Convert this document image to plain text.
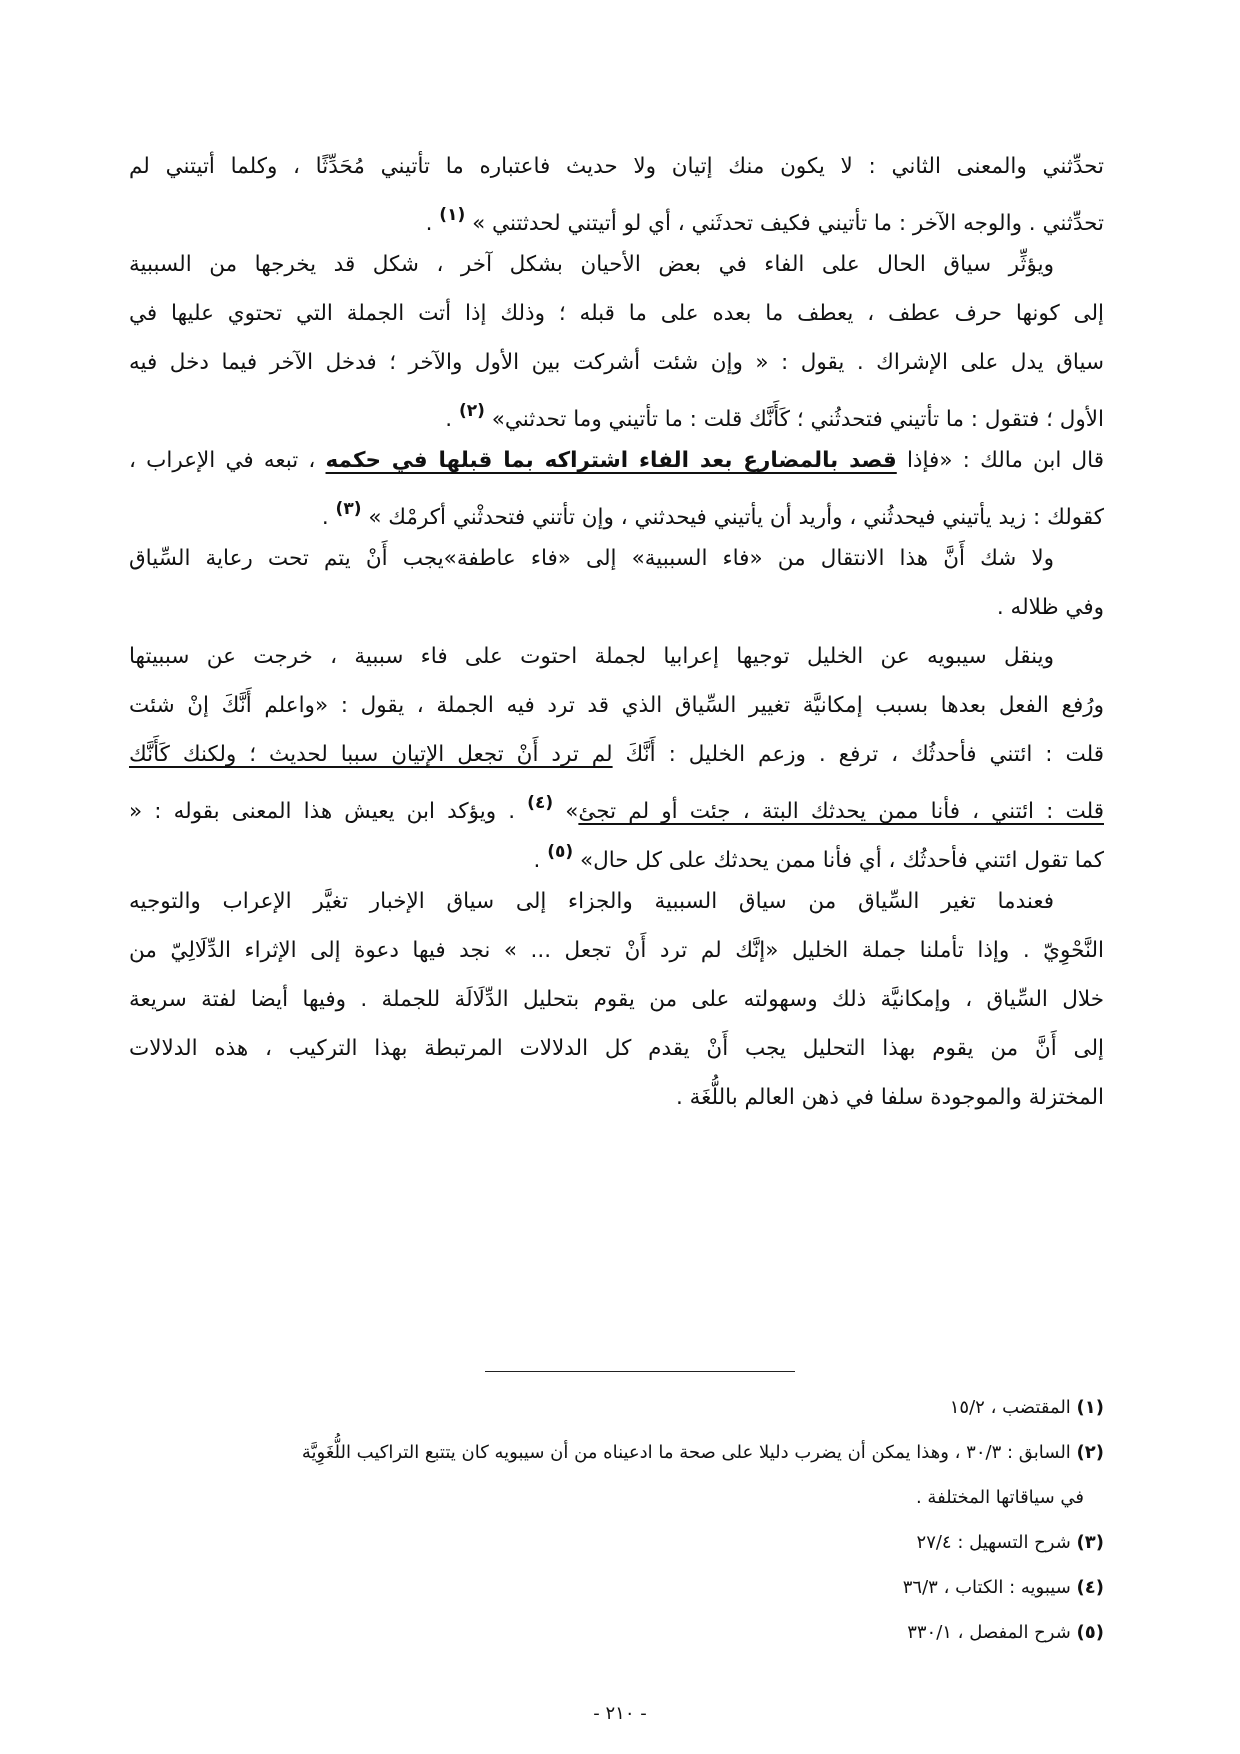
تحدِّثني والمعنى الثاني : لا يكون منك إتيان ولا حديث فاعتباره ما تأتيني مُحَدِّثًا ، وكلما أتيتني لم
تحدِّثني . والوجه الآخر : ما تأتيني فكيف تحدثَني ، أي لو أتيتني لحدثتني » $^{(١)}$ .
ويؤثِّر سياق الحال على الفاء في بعض الأحيان بشكل آخر ، شكل قد يخرجها من السببية
إلى كونها حرف عطف ، يعطف ما بعده على ما قبله ؛ وذلك إذا أتت الجملة التي تحتوي عليها في
سياق يدل على الإشراك . يقول : « وإن شئت أشركت بين الأول والآخر ؛ فدخل الآخر فيما دخل فيه
الأول ؛ فتقول : ما تأتيني فتحدثُني ؛ كَأَنَّك قلت : ما تأتيني وما تحدثني» $^{(٢)}$ .
قال ابن مالك : «فإذا قصد بالمضارع بعد الفاء اشتراكه بما قبلها في حكمه ، تبعه في الإعراب ،
كقولك : زيد يأتيني فيحدثُني ، وأريد أن يأتيني فيحدثني ، وإن تأتني فتحدثْني أكرمْك » $^{(٣)}$ .
ولا شك أَنَّ هذا الانتقال من «فاء السببية» إلى «فاء عاطفة»يجب أَنْ يتم تحت رعاية السِّياق
وفي ظلاله .
وينقل سيبويه عن الخليل توجيها إعرابيا لجملة احتوت على فاء سببية ، خرجت عن سببيتها
ورُفع الفعل بعدها بسبب إمكانيَّة تغيير السِّياق الذي قد ترد فيه الجملة ، يقول : «واعلم أَنَّكَ إنْ شئت
قلت : ائتني فأحدثُك ، ترفع . وزعم الخليل : أَنَّكَ لم ترد أَنْ تجعل الإتيان سببا لحديث ؛ ولكنك كَأَنَّك
قلت : ائتني ، فأنا ممن يحدثك البتة ، جئت أو لم تجئ» $^{(٤)}$ . ويؤكد ابن يعيش هذا المعنى بقوله : «
كما تقول ائتني فأحدثُك ، أي فأنا ممن يحدثك على كل حال» $^{(٥)}$ .
فعندما تغير السِّياق من سياق السببية والجزاء إلى سياق الإخبار تغيَّر الإعراب والتوجيه
النَّحْوِيّ . وإذا تأملنا جملة الخليل «إنَّك لم ترد أَنْ تجعل ... » نجد فيها دعوة إلى الإثراء الدِّلَالِيّ من
خلال السِّياق ، وإمكانيَّة ذلك وسهولته على من يقوم بتحليل الدِّلَالَة للجملة . وفيها أيضا لفتة سريعة
إلى أَنَّ من يقوم بهذا التحليل يجب أَنْ يقدم كل الدلالات المرتبطة بهذا التركيب ، هذه الدلالات
المختزلة والموجودة سلفا في ذهن العالم باللُّغَة .
(١) المقتضب ، ١٥/٢
(٢) السابق : ٣٠/٣ ، وهذا يمكن أن يضرب دليلا على صحة ما ادعيناه من أن سيبويه كان يتتبع التراكيب اللُّغَوِيَّة
في سياقاتها المختلفة .
(٣) شرح التسهيل : ٢٧/٤
(٤) سيبويه : الكتاب ، ٣٦/٣
(٥) شرح المفصل ، ٣٣٠/١
- ٢١٠ -
